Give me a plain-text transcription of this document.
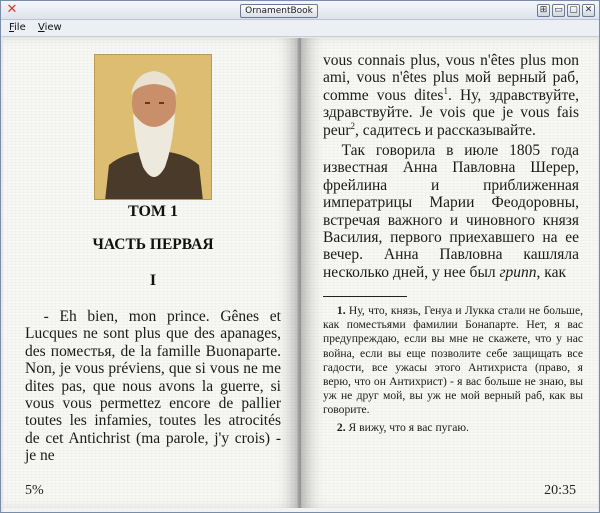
✕	OrnamentBook	⊞ ▭ ▢ ✕
File View
ТОМ 1
ЧАСТЬ ПЕРВАЯ
I

- Eh bien, mon prince. Gênes et Lucques ne sont plus que des apanages, des поместья, de la famille Buonaparte. Non, je vous préviens, que si vous ne me dites pas, que nous avons la guerre, si vous vous permettez encore de pallier toutes les infamies, toutes les atrocités de cet Antichrist (ma parole, j'y crois) - je ne

5%

vous connais plus, vous n'êtes plus mon ami, vous n'êtes plus мой верный раб, comme vous dites$^1$. Ну, здравствуйте, здравствуйте. Je vois que je vous fais peur$^2$, садитесь и рассказывайте.

Так говорила в июле 1805 года известная Анна Павловна Шерер, фрейлина и приближенная императрицы Марии Феодоровны, встречая важного и чиновного князя Василия, первого приехавшего на ее вечер. Анна Павловна кашляла несколько дней, у нее был грипп, как

1. Ну, что, князь, Генуа и Лукка стали не больше, как поместьями фамилии Бонапарте. Нет, я вас предупреждаю, если вы мне не скажете, что у нас война, если вы еще позволите себе защищать все гадости, все ужасы этого Антихриста (право, я верю, что он Антихрист) - я вас больше не знаю, вы уж не друг мой, вы уж не мой верный раб, как вы говорите.

2. Я вижу, что я вас пугаю.

20:35
